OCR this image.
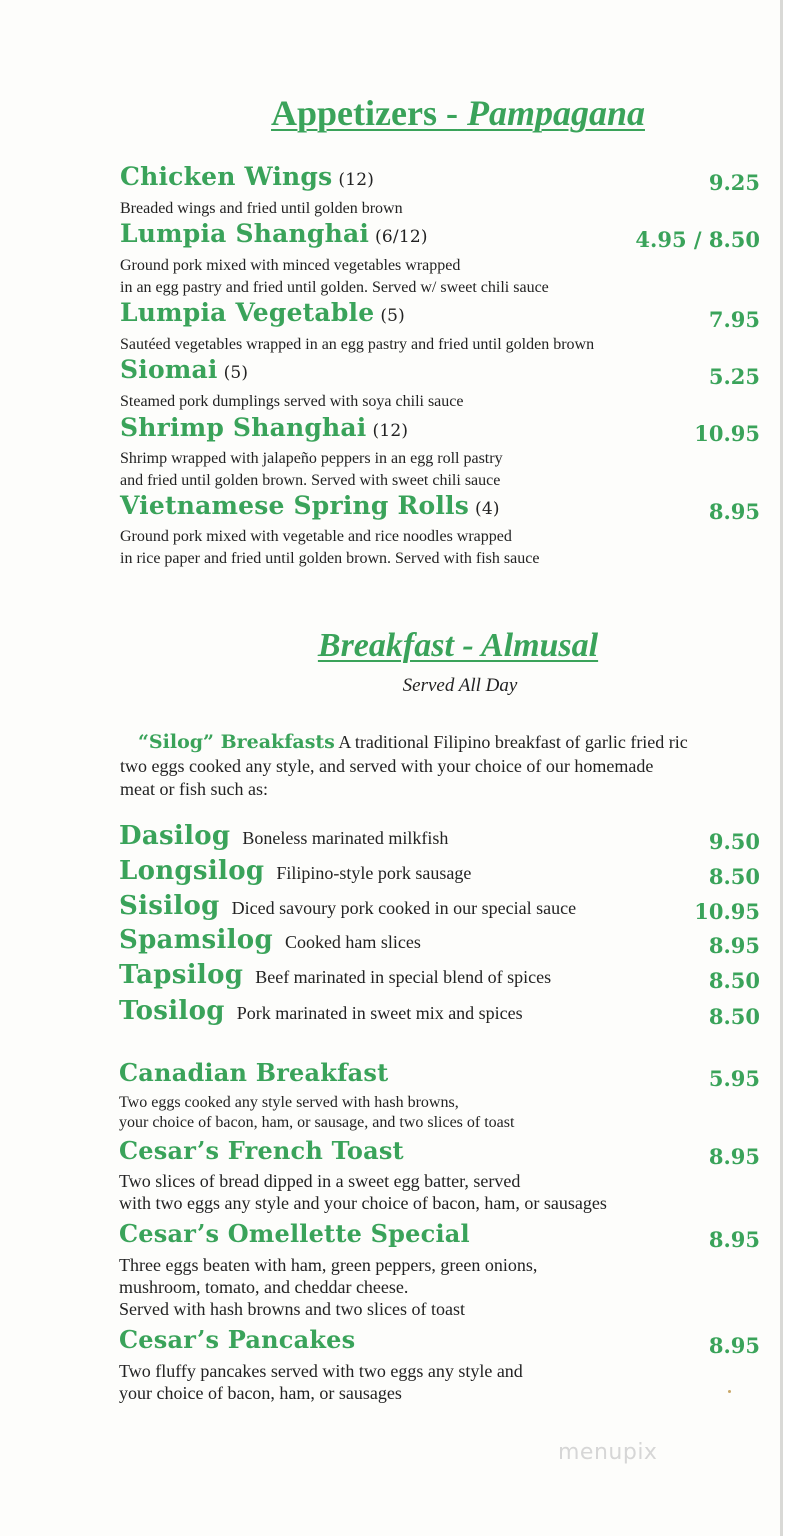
Appetizers - Pampagana
Chicken Wings (12)	9.25
Breaded wings and fried until golden brown
Lumpia Shanghai (6/12)	4.95 / 8.50
Ground pork mixed with minced vegetables wrapped
in an egg pastry and fried until golden. Served w/ sweet chili sauce
Lumpia Vegetable (5)	7.95
Sautéed vegetables wrapped in an egg pastry and fried until golden brown
Siomai (5)	5.25
Steamed pork dumplings served with soya chili sauce
Shrimp Shanghai (12)	10.95
Shrimp wrapped with jalapeño peppers in an egg roll pastry
and fried until golden brown. Served with sweet chili sauce
Vietnamese Spring Rolls (4)	8.95
Ground pork mixed with vegetable and rice noodles wrapped
in rice paper and fried until golden brown. Served with fish sauce
Breakfast - Almusal
Served All Day
“Silog” Breakfasts A traditional Filipino breakfast of garlic fried ric
two eggs cooked any style, and served with your choice of our homemade
meat or fish such as:
Dasilog Boneless marinated milkfish	9.50
Longsilog Filipino-style pork sausage	8.50
Sisilog Diced savoury pork cooked in our special sauce	10.95
Spamsilog Cooked ham slices	8.95
Tapsilog Beef marinated in special blend of spices	8.50
Tosilog Pork marinated in sweet mix and spices	8.50
Canadian Breakfast	5.95
Two eggs cooked any style served with hash browns,
your choice of bacon, ham, or sausage, and two slices of toast
Cesar’s French Toast	8.95
Two slices of bread dipped in a sweet egg batter, served
with two eggs any style and your choice of bacon, ham, or sausages
Cesar’s Omellette Special	8.95
Three eggs beaten with ham, green peppers, green onions,
mushroom, tomato, and cheddar cheese.
Served with hash browns and two slices of toast
Cesar’s Pancakes	8.95
Two fluffy pancakes served with two eggs any style and
your choice of bacon, ham, or sausages
menupix
